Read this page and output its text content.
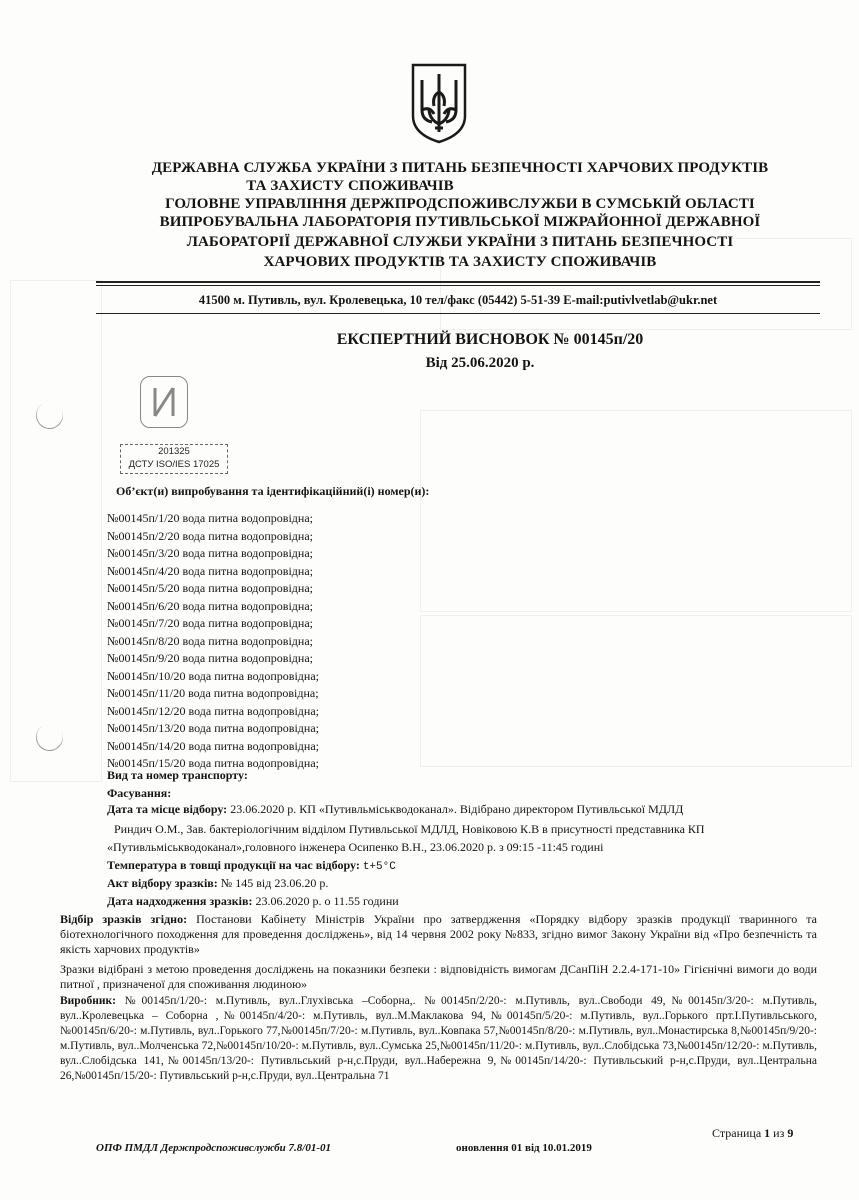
ДЕРЖАВНА СЛУЖБА УКРАЇНИ З ПИТАНЬ БЕЗПЕЧНОСТІ ХАРЧОВИХ ПРОДУКТІВ
ТА ЗАХИСТУ СПОЖИВАЧІВ
ГОЛОВНЕ УПРАВЛІННЯ ДЕРЖПРОДСПОЖИВСЛУЖБИ В СУМСЬКІЙ ОБЛАСТІ
ВИПРОБУВАЛЬНА ЛАБОРАТОРІЯ ПУТИВЛЬСЬКОЇ МІЖРАЙОННОЇ ДЕРЖАВНОЇ
ЛАБОРАТОРІЇ ДЕРЖАВНОЇ СЛУЖБИ УКРАЇНИ З ПИТАНЬ БЕЗПЕЧНОСТІ
ХАРЧОВИХ ПРОДУКТІВ ТА ЗАХИСТУ СПОЖИВАЧІВ
41500 м. Путивль, вул. Кролевецька, 10 тел/факс (05442) 5-51-39 E-mail:putivlvetlab@ukr.net
ЕКСПЕРТНИЙ ВИСНОВОК № 00145п/20
Від 25.06.2020 р.
201325
ДСТУ ISO/IES 17025
Об’єкт(и) випробування та ідентифікаційний(і) номер(и):
№00145п/1/20 вода питна водопровідна;
№00145п/2/20 вода питна водопровідна;
№00145п/3/20 вода питна водопровідна;
№00145п/4/20 вода питна водопровідна;
№00145п/5/20 вода питна водопровідна;
№00145п/6/20 вода питна водопровідна;
№00145п/7/20 вода питна водопровідна;
№00145п/8/20 вода питна водопровідна;
№00145п/9/20 вода питна водопровідна;
№00145п/10/20 вода питна водопровідна;
№00145п/11/20 вода питна водопровідна;
№00145п/12/20 вода питна водопровідна;
№00145п/13/20 вода питна водопровідна;
№00145п/14/20 вода питна водопровідна;
№00145п/15/20 вода питна водопровідна;
Вид та номер транспорту:
Фасування:
Дата та місце відбору: 23.06.2020 р. КП «Путивльміськводоканал». Відібрано директором Путивльської МДЛД
Риндич О.М., Зав. бактеріологічним відділом Путивльської МДЛД, Новіковою К.В в присутності представника КП
«Путивльміськводоканал»,головного інженера Осипенко В.Н., 23.06.2020 р. з 09:15 -11:45 годині
Температура в товщі продукції на час відбору: t+5°C
Акт відбору зразків: № 145 від 23.06.20 р.
Дата надходження зразків: 23.06.2020 р. о 11.55 години
Відбір зразків згідно: Постанови Кабінету Міністрів України про затвердження «Порядку відбору зразків продукції тваринного та біотехнологічного походження для проведення досліджень», від 14 червня 2002 року №833, згідно вимог Закону України від «Про безпечність та якість харчових продуктів»
Зразки відібрані з метою проведення досліджень на показники безпеки : відповідність вимогам ДСанПіН 2.2.4-171-10» Гігієнічні вимоги до води питної , призначеної для споживання людиною»
Виробник: №00145п/1/20-: м.Путивль, вул..Глухівська –Соборна,. №00145п/2/20-: м.Путивль, вул..Свободи 49,№00145п/3/20-: м.Путивль, вул..Кролевецька – Соборна ,№00145п/4/20-: м.Путивль, вул..М.Маклакова 94,№00145п/5/20-: м.Путивль, вул..Горького прт.І.Путивльського,№00145п/6/20-: м.Путивль, вул..Горького 77,№00145п/7/20-: м.Путивль, вул..Ковпака 57,№00145п/8/20-: м.Путивль, вул..Монастирська 8,№00145п/9/20-: м.Путивль, вул..Молченська 72,№00145п/10/20-: м.Путивль, вул..Сумська 25,№00145п/11/20-: м.Путивль, вул..Слобідська 73,№00145п/12/20-: м.Путивль, вул..Слобідська 141,№00145п/13/20-: Путивльський р-н,с.Пруди, вул..Набережна 9,№00145п/14/20-: Путивльський р-н,с.Пруди, вул..Центральна 26,№00145п/15/20-: Путивльський р-н,с.Пруди, вул..Центральна 71
Страница 1 из 9
ОПФ ПМДЛ Держпродспоживслужби 7.8/01-01	оновлення 01 від 10.01.2019
